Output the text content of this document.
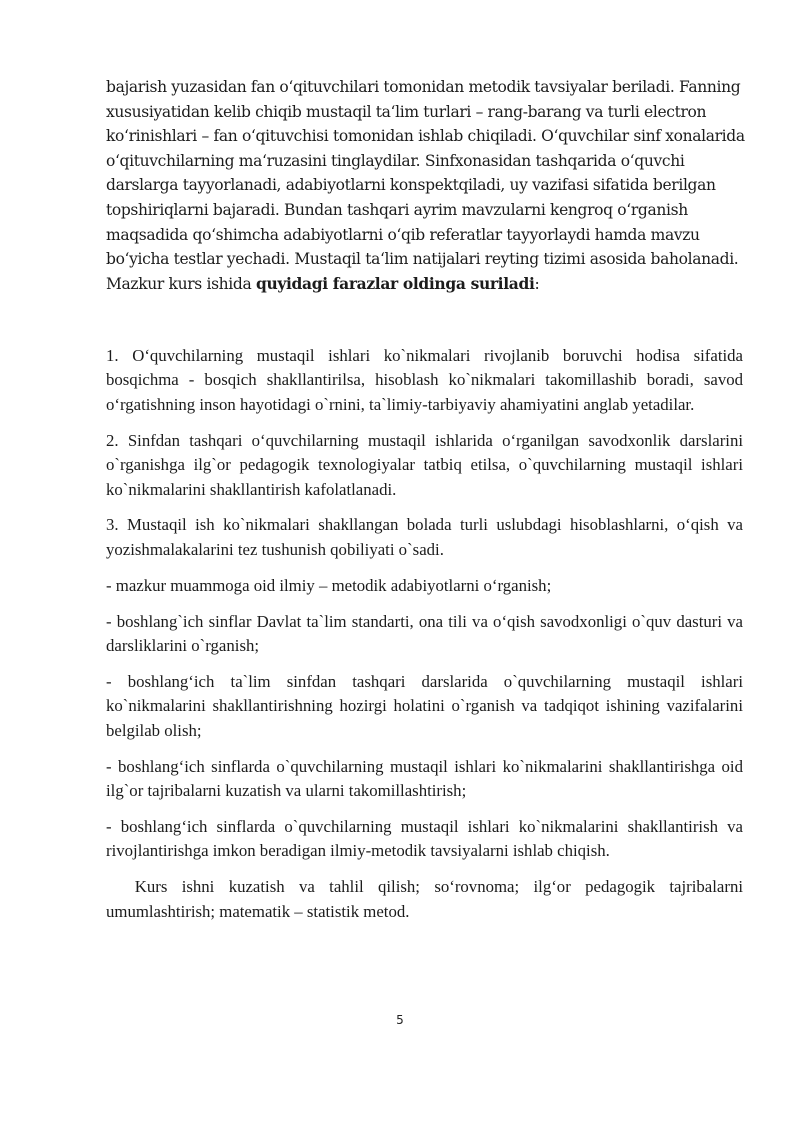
bajarish yuzasidan fan o‘qituvchilari tomonidan metodik tavsiyalar beriladi. Fanning xususiyatidan kelib chiqib mustaqil ta‘lim turlari – rang-barang va turli electron ko‘rinishlari – fan o‘qituvchisi tomonidan ishlab chiqiladi. O‘quvchilar sinf xonalarida o‘qituvchilarning ma‘ruzasini tinglaydilar. Sinfxonasidan tashqarida o‘quvchi darslarga tayyorlanadi, adabiyotlarni konspektqiladi, uy vazifasi sifatida berilgan topshiriqlarni bajaradi. Bundan tashqari ayrim mavzularni kengroq o‘rganish maqsadida qo‘shimcha adabiyotlarni o‘qib referatlar tayyorlaydi hamda mavzu bo‘yicha testlar yechadi. Mustaqil ta‘lim natijalari reyting tizimi asosida baholanadi.

Mazkur kurs ishida quyidagi farazlar oldinga suriladi:

1. O‘quvchilarning mustaqil ishlari ko`nikmalari rivojlanib boruvchi hodisa sifatida bosqichma - bosqich shakllantirilsa, hisoblash ko`nikmalari takomillashib boradi, savod o‘rgatishning inson hayotidagi o`rnini, ta`limiy-tarbiyaviy ahamiyatini anglab yetadilar.

2. Sinfdan tashqari o‘quvchilarning mustaqil ishlarida o‘rganilgan savodxonlik darslarini o`rganishga ilg`or pedagogik texnologiyalar tatbiq etilsa, o`quvchilarning mustaqil ishlari ko`nikmalarini shakllantirish kafolatlanadi.

3. Mustaqil ish ko`nikmalari shakllangan bolada turli uslubdagi hisoblashlarni, o‘qish va yozishmalakalarini tez tushunish qobiliyati o`sadi.

- mazkur muammoga oid ilmiy – metodik adabiyotlarni o‘rganish;

- boshlang`ich sinflar Davlat ta`lim standarti, ona tili va o‘qish savodxonligi o`quv dasturi va darsliklarini o`rganish;

- boshlang‘ich ta`lim sinfdan tashqari darslarida o`quvchilarning mustaqil ishlari ko`nikmalarini shakllantirishning hozirgi holatini o`rganish va tadqiqot ishining vazifalarini belgilab olish;

- boshlang‘ich sinflarda o`quvchilarning mustaqil ishlari ko`nikmalarini shakllantirishga oid ilg`or tajribalarni kuzatish va ularni takomillashtirish;

- boshlang‘ich sinflarda o`quvchilarning mustaqil ishlari ko`nikmalarini shakllantirish va rivojlantirishga imkon beradigan ilmiy-metodik tavsiyalarni ishlab chiqish.

Kurs ishni kuzatish va tahlil qilish; so‘rovnoma; ilg‘or pedagogik tajribalarni umumlashtirish; matematik – statistik metod.

5
